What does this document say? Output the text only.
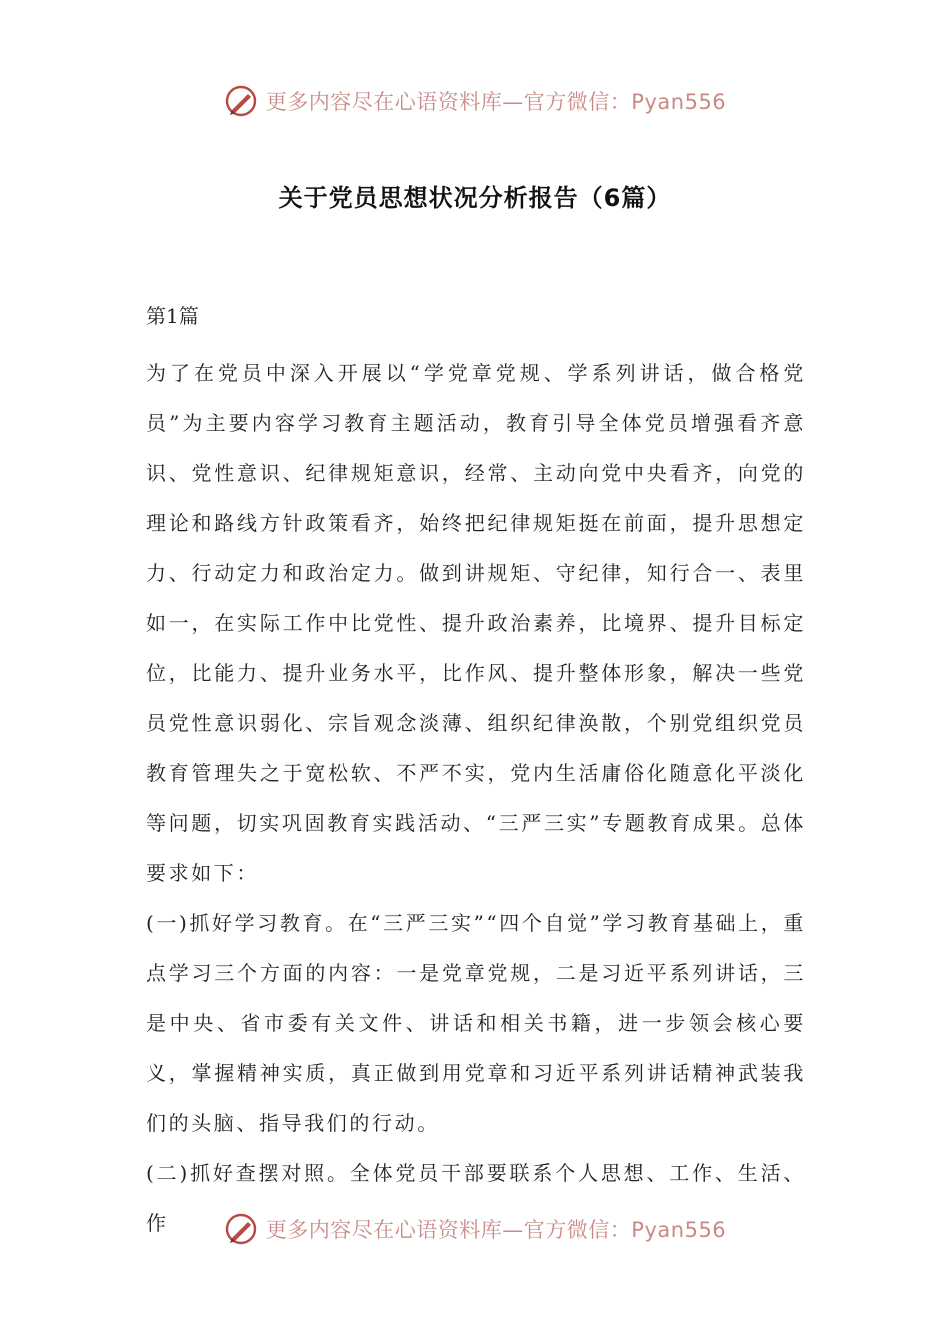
更多内容尽在心语资料库—官方微信：Pyan556
关于党员思想状况分析报告（6篇）

第1篇

为了在党员中深入开展以“学党章党规、学系列讲话，做合格党员”为主要内容学习教育主题活动，教育引导全体党员增强看齐意识、党性意识、纪律规矩意识，经常、主动向党中央看齐，向党的理论和路线方针政策看齐，始终把纪律规矩挺在前面，提升思想定力、行动定力和政治定力。做到讲规矩、守纪律，知行合一、表里如一，在实际工作中比党性、提升政治素养，比境界、提升目标定位，比能力、提升业务水平，比作风、提升整体形象，解决一些党员党性意识弱化、宗旨观念淡薄、组织纪律涣散，个别党组织党员教育管理失之于宽松软、不严不实，党内生活庸俗化随意化平淡化等问题，切实巩固教育实践活动、“三严三实”专题教育成果。总体要求如下：

(一)抓好学习教育。在“三严三实”“四个自觉”学习教育基础上，重点学习三个方面的内容：一是党章党规，二是习近平系列讲话，三是中央、省市委有关文件、讲话和相关书籍，进一步领会核心要义，掌握精神实质，真正做到用党章和习近平系列讲话精神武装我们的头脑、指导我们的行动。

(二)抓好查摆对照。全体党员干部要联系个人思想、工作、生活、作	更多内容尽在心语资料库—官方微信：Pyan556
